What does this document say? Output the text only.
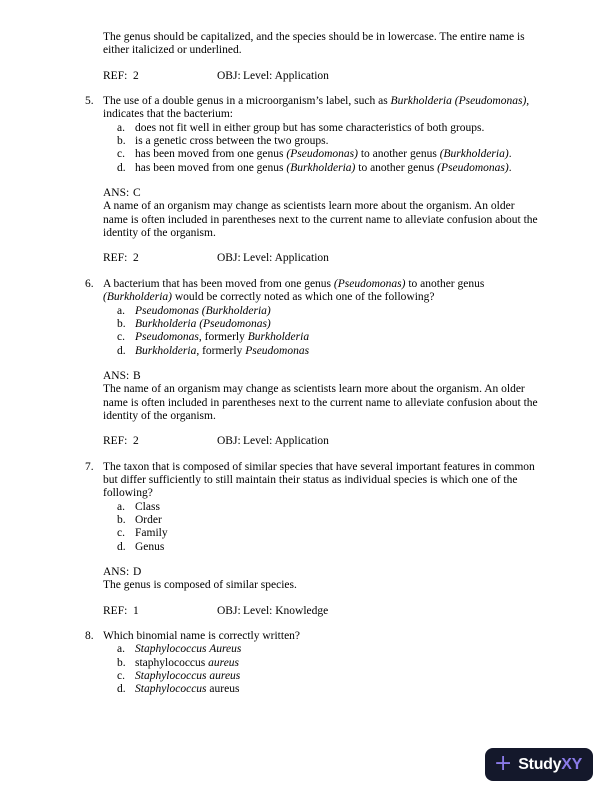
The genus should be capitalized, and the species should be in lowercase. The entire name is
either italicized or underlined.
REF: 2	OBJ: Level: Application
5. The use of a double genus in a microorganism’s label, such as Burkholderia (Pseudomonas),
indicates that the bacterium:
a. does not fit well in either group but has some characteristics of both groups.
b. is a genetic cross between the two groups.
c. has been moved from one genus (Pseudomonas) to another genus (Burkholderia).
d. has been moved from one genus (Burkholderia) to another genus (Pseudomonas).
ANS: C
A name of an organism may change as scientists learn more about the organism. An older
name is often included in parentheses next to the current name to alleviate confusion about the
identity of the organism.
REF: 2	OBJ: Level: Application
6. A bacterium that has been moved from one genus (Pseudomonas) to another genus
(Burkholderia) would be correctly noted as which one of the following?
a. Pseudomonas (Burkholderia)
b. Burkholderia (Pseudomonas)
c. Pseudomonas, formerly Burkholderia
d. Burkholderia, formerly Pseudomonas
ANS: B
The name of an organism may change as scientists learn more about the organism. An older
name is often included in parentheses next to the current name to alleviate confusion about the
identity of the organism.
REF: 2	OBJ: Level: Application
7. The taxon that is composed of similar species that have several important features in common
but differ sufficiently to still maintain their status as individual species is which one of the
following?
a. Class
b. Order
c. Family
d. Genus
ANS: D
The genus is composed of similar species.
REF: 1	OBJ: Level: Knowledge
8. Which binomial name is correctly written?
a. Staphylococcus Aureus
b. staphylococcus aureus
c. Staphylococcus aureus
d. Staphylococcus aureus
+ StudyXY
